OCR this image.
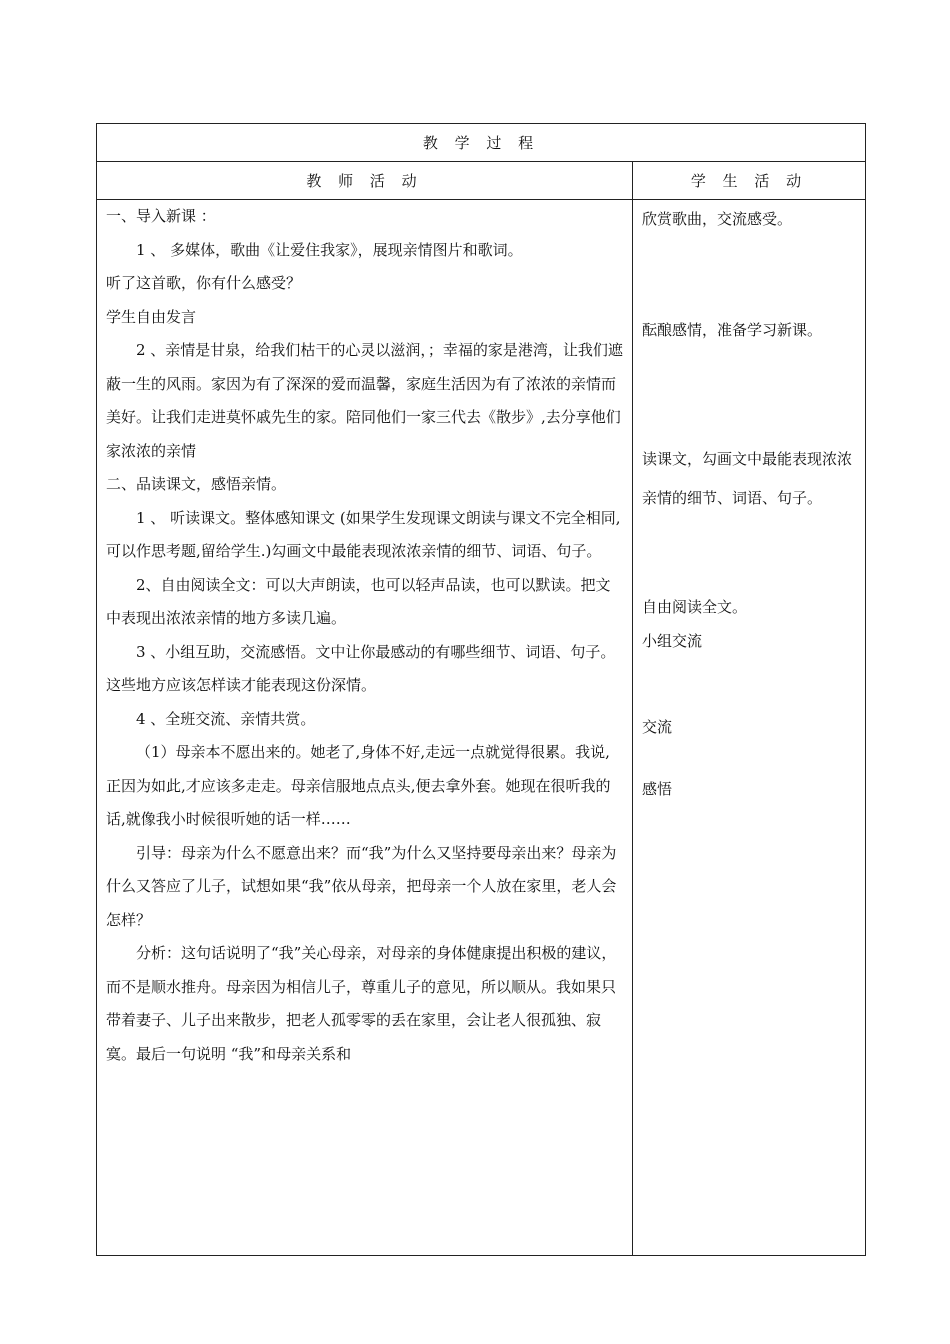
教 学 过 程
教 师 活 动	学 生 活 动

一、导入新课 ：

1 、 多媒体，歌曲《让爱住我家》，展现亲情图片和歌词。

听了这首歌，你有什么感受？

学生自由发言

2 、亲情是甘泉，给我们枯干的心灵以滋润，；幸福的家是港湾，让我们遮蔽一生的风雨。家因为有了深深的爱而温馨，家庭生活因为有了浓浓的亲情而美好。让我们走进莫怀戚先生的家。陪同他们一家三代去《散步》,去分享他们家浓浓的亲情

二、品读课文，感悟亲情。

1 、 听读课文。整体感知课文 (如果学生发现课文朗读与课文不完全相同,可以作思考题,留给学生.)勾画文中最能表现浓浓亲情的细节、词语、句子。

2、自由阅读全文：可以大声朗读，也可以轻声品读，也可以默读。把文中表现出浓浓亲情的地方多读几遍。

3 、小组互助，交流感悟。文中让你最感动的有哪些细节、词语、句子。这些地方应该怎样读才能表现这份深情。

4 、全班交流、亲情共赏。

（1）母亲本不愿出来的。她老了,身体不好,走远一点就觉得很累。我说,正因为如此,才应该多走走。母亲信服地点点头,便去拿外套。她现在很听我的话,就像我小时候很听她的话一样……

引导：母亲为什么不愿意出来？而“我”为什么又坚持要母亲出来？母亲为什么又答应了儿子，试想如果“我”依从母亲，把母亲一个人放在家里，老人会怎样？

分析：这句话说明了“我”关心母亲，对母亲的身体健康提出积极的建议，而不是顺水推舟。母亲因为相信儿子，尊重儿子的意见，所以顺从。我如果只带着妻子、儿子出来散步，把老人孤零零的丢在家里，会让老人很孤独、寂寞。最后一句说明 “我”和母亲关系和

欣赏歌曲，交流感受。

酝酿感情，准备学习新课。

读课文，勾画文中最能表现浓浓亲情的细节、词语、句子。

自由阅读全文。

小组交流

交流

感悟
